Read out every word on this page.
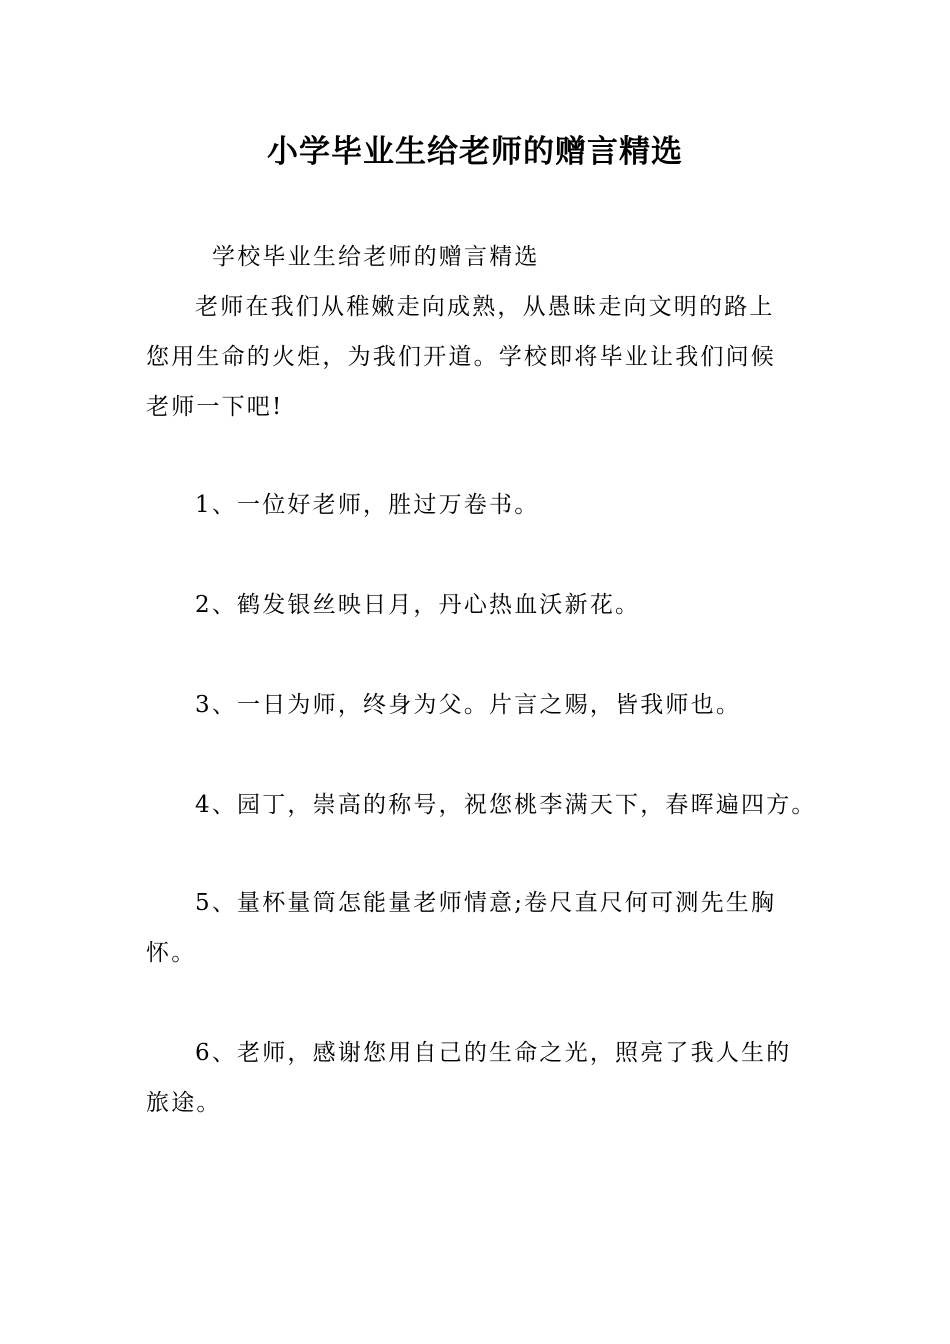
小学毕业生给老师的赠言精选
学校毕业生给老师的赠言精选
老师在我们从稚嫩走向成熟，从愚昧走向文明的路上
您用生命的火炬，为我们开道。学校即将毕业让我们问候
老师一下吧!
1、一位好老师，胜过万卷书。
2、鹤发银丝映日月，丹心热血沃新花。
3、一日为师，终身为父。片言之赐，皆我师也。
4、园丁，崇高的称号，祝您桃李满天下，春晖遍四方。
5、量杯量筒怎能量老师情意;卷尺直尺何可测先生胸
怀。
6、老师，感谢您用自己的生命之光，照亮了我人生的
旅途。
